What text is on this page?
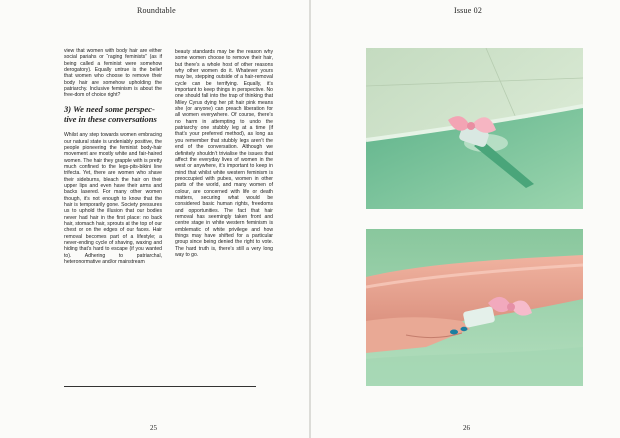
Roundtable

view that women with body hair are either social pariahs or “raging feminists” (as if being called a feminist were somehow derogatory). Equally untrue is the belief that women who choose to remove their body hair are somehow upholding the patriarchy. Inclusive feminism is about the free-dom of choice right?

3) We need some perspec-tive in these conversations

Whilst any step towards women embracing our natural state is undeniably positive, the people pioneering the feminist body-hair movement are mostly white and fair-haired women. The hair they grapple with is pretty much confined to the legs-pits-bikini line trifecta. Yet, there are women who shave their sideburns, bleach the hair on their upper lips and even have their arms and backs lasered. For many other women though, it’s not enough to know that the hair is temporarily gone. Society pressures us to uphold the illusion that our bodies never had hair in the first place: no back hair, stomach hair, sprouts at the top of our chest or on the edges of our faces. Hair removal becomes part of a lifestyle; a never-ending cycle of shaving, waxing and hiding that’s hard to escape (if you wanted to). Adhering to patriarchal, heteronormative and/or mainstream

beauty standards may be the reason why some women choose to remove their hair, but there’s a whole host of other reasons why other women do it. Whatever yours may be, stepping outside of a hair-removal cycle can be terrifying. Equally, it’s important to keep things in perspective. No one should fall into the trap of thinking that Miley Cyrus dying her pit hair pink means she (or anyone) can preach liberation for all women everywhere. Of course, there’s no harm in attempting to undo the patriarchy one stubbly leg at a time (if that’s your preferred method), as long as you remember that stubbly legs aren’t the end of the conversation. Although we definitely shouldn’t trivialise the issues that affect the everyday lives of women in the west or anywhere, it’s important to keep in mind that whilst white western feminism is preoccupied with pubes, women in other parts of the world, and many women of colour, are concerned with life or death matters, securing what would be considered basic human rights, freedoms and opportunities. The fact that hair removal has seemingly taken front and centre stage in white western feminism is emblematic of white privilege and how things may have shifted for a particular group since being denied the right to vote. The hard truth is, there’s still a very long way to go.

25
Issue 02
26
